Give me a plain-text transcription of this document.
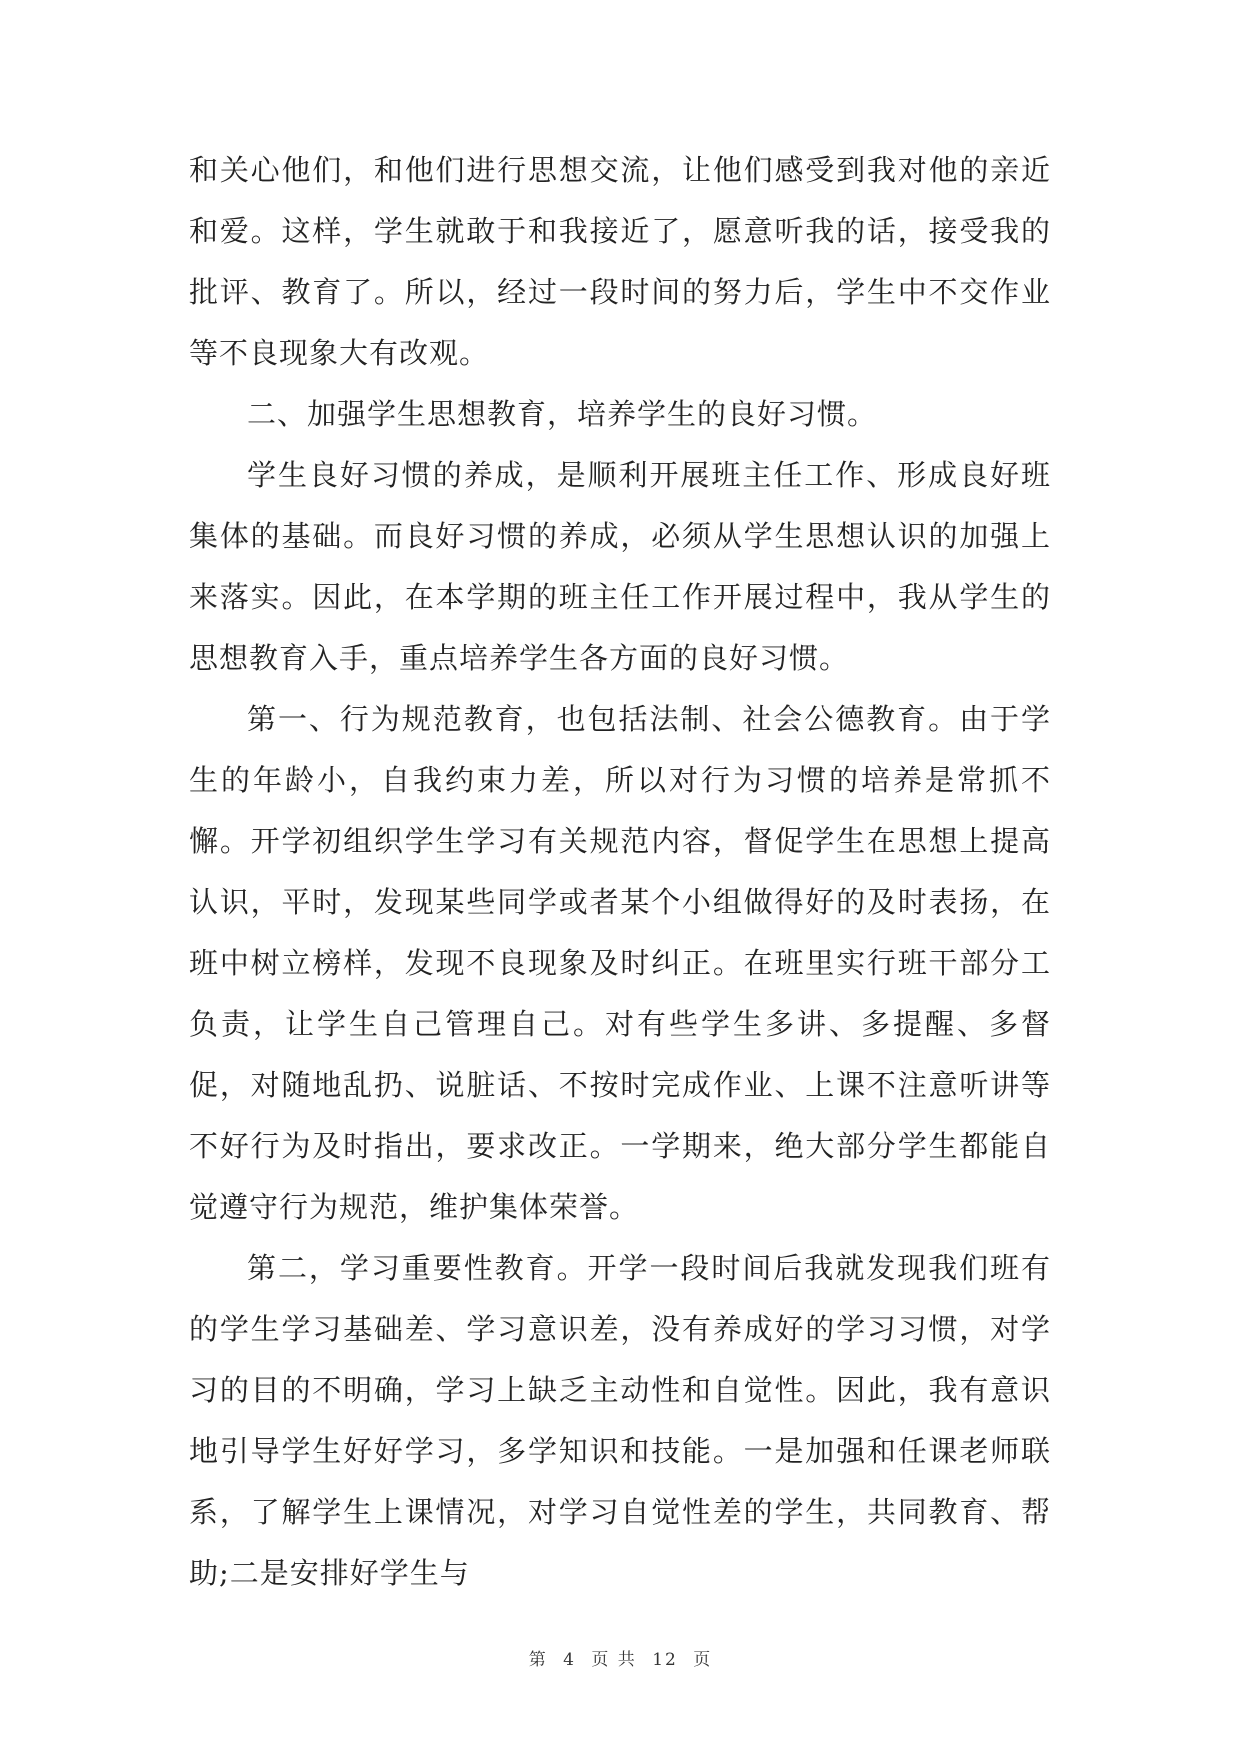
和关心他们，和他们进行思想交流，让他们感受到我对他的亲近和爱。这样，学生就敢于和我接近了，愿意听我的话，接受我的批评、教育了。所以，经过一段时间的努力后，学生中不交作业等不良现象大有改观。

二、加强学生思想教育，培养学生的良好习惯。

学生良好习惯的养成，是顺利开展班主任工作、形成良好班集体的基础。而良好习惯的养成，必须从学生思想认识的加强上来落实。因此，在本学期的班主任工作开展过程中，我从学生的思想教育入手，重点培养学生各方面的良好习惯。

第一、行为规范教育，也包括法制、社会公德教育。由于学生的年龄小，自我约束力差，所以对行为习惯的培养是常抓不懈。开学初组织学生学习有关规范内容，督促学生在思想上提高认识，平时，发现某些同学或者某个小组做得好的及时表扬，在班中树立榜样，发现不良现象及时纠正。在班里实行班干部分工负责，让学生自己管理自己。对有些学生多讲、多提醒、多督促，对随地乱扔、说脏话、不按时完成作业、上课不注意听讲等不好行为及时指出，要求改正。一学期来，绝大部分学生都能自觉遵守行为规范，维护集体荣誉。

第二，学习重要性教育。开学一段时间后我就发现我们班有的学生学习基础差、学习意识差，没有养成好的学习习惯，对学习的目的不明确，学习上缺乏主动性和自觉性。因此，我有意识地引导学生好好学习，多学知识和技能。一是加强和任课老师联系，了解学生上课情况，对学习自觉性差的学生，共同教育、帮助;二是安排好学生与

第 4 页 共 12 页
